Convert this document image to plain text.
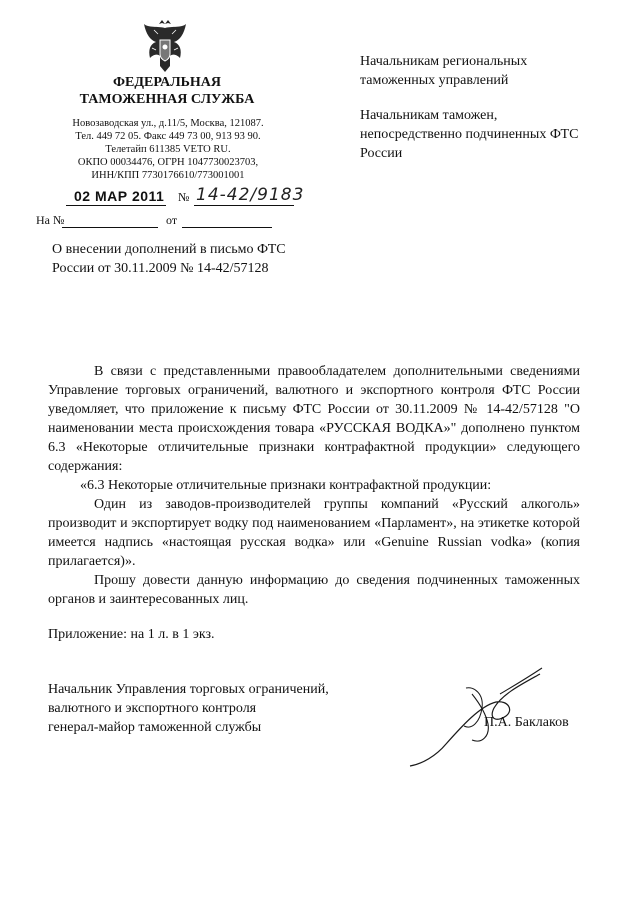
ФЕДЕРАЛЬНАЯ
ТАМОЖЕННАЯ СЛУЖБА
Новозаводская ул., д.11/5, Москва, 121087.
Тел. 449 72 05. Факс 449 73 00, 913 93 90.
Телетайп 611385 VETO RU.
ОКПО 00034476, ОГРН 1047730023703,
ИНН/КПП 7730176610/773001001

Начальникам региональных таможенных управлений

Начальникам таможен, непосредственно подчиненных ФТС России

02 МАР 2011 № 14-42/9183
На №	от
О внесении дополнений в письмо ФТС России от 30.11.2009 № 14-42/57128

В связи с представленными правообладателем дополнительными сведениями Управление торговых ограничений, валютного и экспортного контроля ФТС России уведомляет, что приложение к письму ФТС России от 30.11.2009 № 14-42/57128 "О наименовании места происхождения товара «РУССКАЯ ВОДКА»" дополнено пунктом 6.3 «Некоторые отличительные признаки контрафактной продукции» следующего содержания:

«6.3 Некоторые отличительные признаки контрафактной продукции:

Один из заводов-производителей группы компаний «Русский алкоголь» производит и экспортирует водку под наименованием «Парламент», на этикетке которой имеется надпись «настоящая русская водка» или «Genuine Russian vodka» (копия прилагается)».

Прошу довести данную информацию до сведения подчиненных таможенных органов и заинтересованных лиц.

Приложение: на 1 л. в 1 экз.
Начальник Управления торговых ограничений,
валютного и экспортного контроля
генерал-майор таможенной службы	П.А. Баклаков
